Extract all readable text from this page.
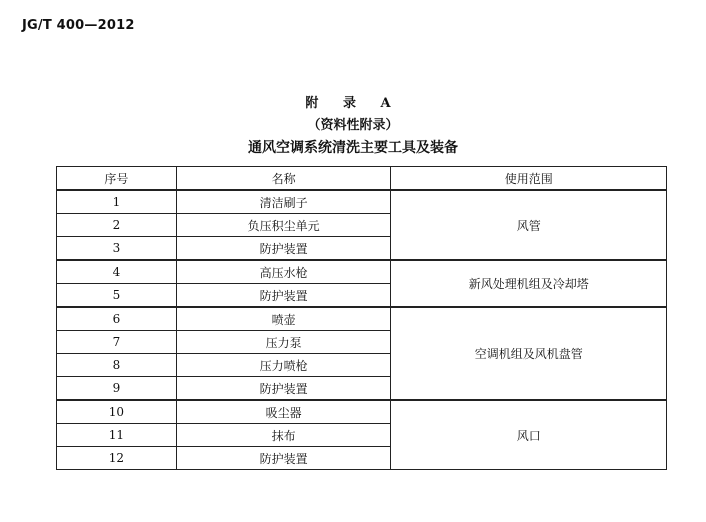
JG/T 400—2012
附 录 A
（资料性附录）
通风空调系统清洗主要工具及装备
序号	名称	使用范围
1	清洁刷子	风管
2	负压积尘单元	
3	防护装置	
4	高压水枪	新风处理机组及冷却塔
5	防护装置	
6	喷壶	空调机组及风机盘管
7	压力泵	
8	压力喷枪	
9	防护装置	
10	吸尘器	风口
11	抹布	
12	防护装置	
